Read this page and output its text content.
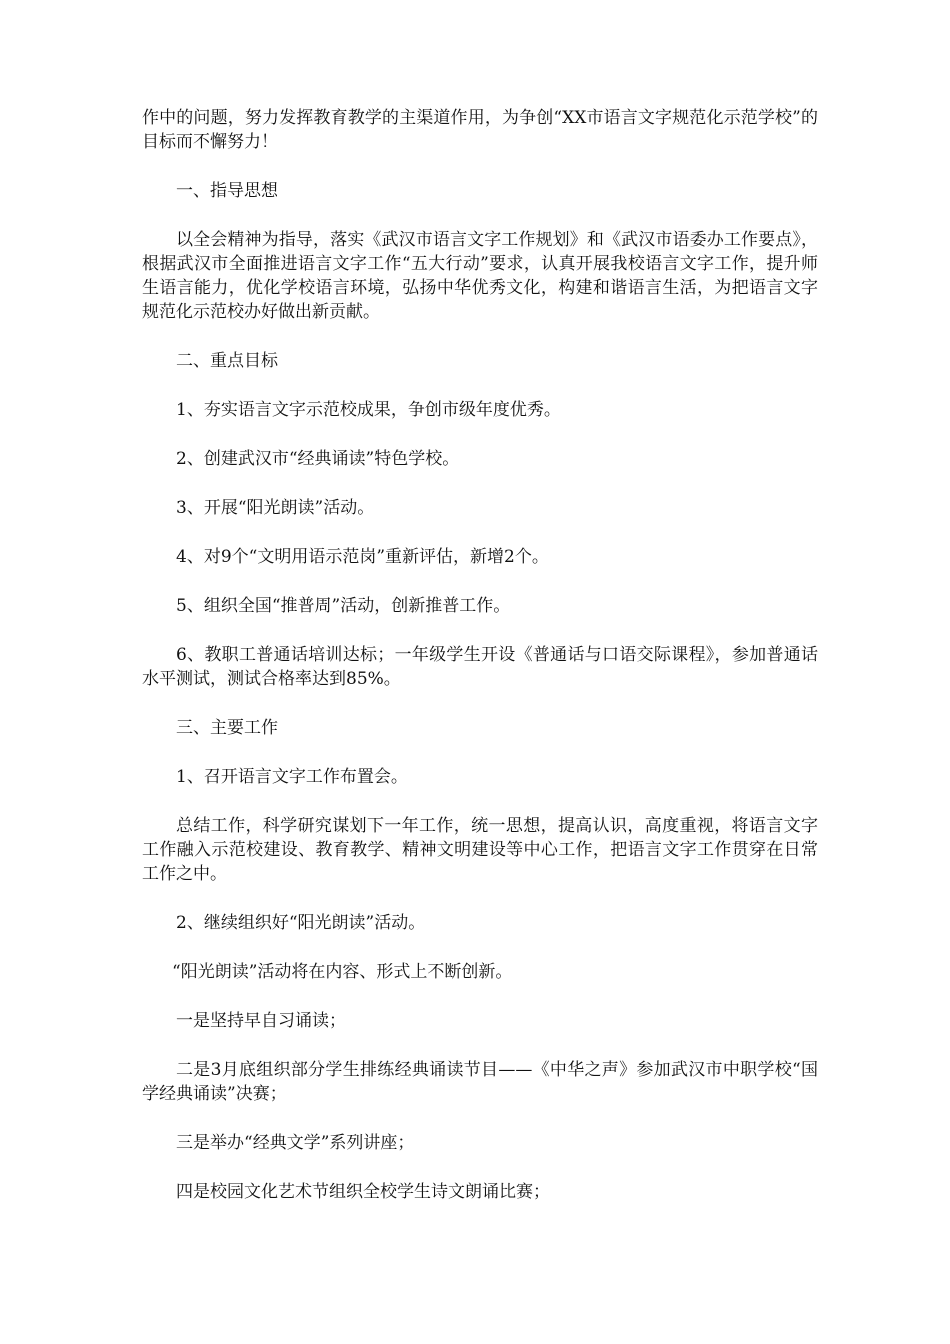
作中的问题，努力发挥教育教学的主渠道作用，为争创“XX市语言文字规范化示范学校”的目标而不懈努力！

一、指导思想

以全会精神为指导，落实《武汉市语言文字工作规划》和《武汉市语委办工作要点》，根据武汉市全面推进语言文字工作“五大行动”要求，认真开展我校语言文字工作，提升师生语言能力，优化学校语言环境，弘扬中华优秀文化，构建和谐语言生活，为把语言文字规范化示范校办好做出新贡献。

二、重点目标

1、夯实语言文字示范校成果，争创市级年度优秀。

2、创建武汉市“经典诵读”特色学校。

3、开展“阳光朗读”活动。

4、对9个“文明用语示范岗”重新评估，新增2个。

5、组织全国“推普周”活动，创新推普工作。

6、教职工普通话培训达标；一年级学生开设《普通话与口语交际课程》，参加普通话水平测试，测试合格率达到85%。

三、主要工作

1、召开语言文字工作布置会。

总结工作，科学研究谋划下一年工作，统一思想，提高认识，高度重视，将语言文字工作融入示范校建设、教育教学、精神文明建设等中心工作，把语言文字工作贯穿在日常工作之中。

2、继续组织好“阳光朗读”活动。

“阳光朗读”活动将在内容、形式上不断创新。

一是坚持早自习诵读；

二是3月底组织部分学生排练经典诵读节目——《中华之声》参加武汉市中职学校“国学经典诵读”决赛；

三是举办“经典文学”系列讲座；

四是校园文化艺术节组织全校学生诗文朗诵比赛；
